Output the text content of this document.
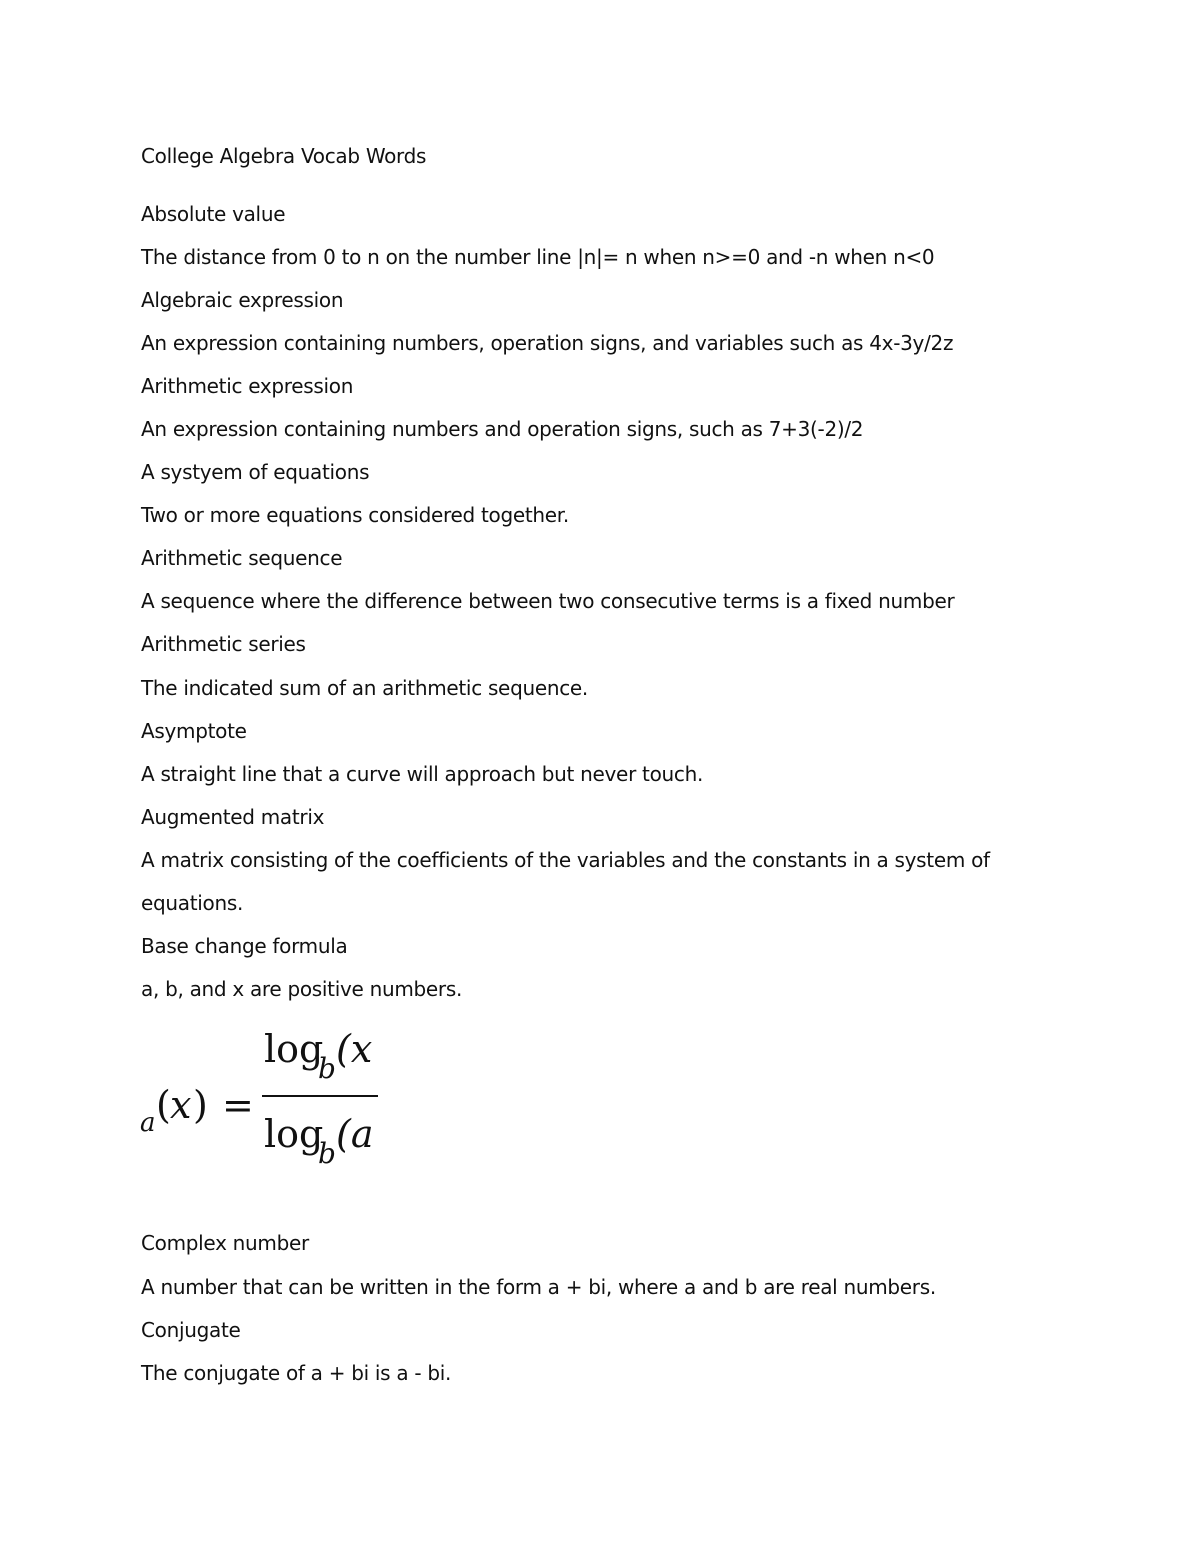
College Algebra Vocab Words
Absolute value
The distance from 0 to n on the number line |n|= n when n>=0 and -n when n<0
Algebraic expression
An expression containing numbers, operation signs, and variables such as 4x-3y/2z
Arithmetic expression
An expression containing numbers and operation signs, such as 7+3(-2)/2
A systyem of equations
Two or more equations considered together.
Arithmetic sequence
A sequence where the difference between two consecutive terms is a fixed number
Arithmetic series
The indicated sum of an arithmetic sequence.
Asymptote
A straight line that a curve will approach but never touch.
Augmented matrix
A matrix consisting of the coefficients of the variables and the constants in a system of
equations.
Base change formula
a, b, and x are positive numbers.
a ( x ) =
log
b (x
log
b (a
Complex number
A number that can be written in the form a + bi, where a and b are real numbers.
Conjugate
The conjugate of a + bi is a - bi.
